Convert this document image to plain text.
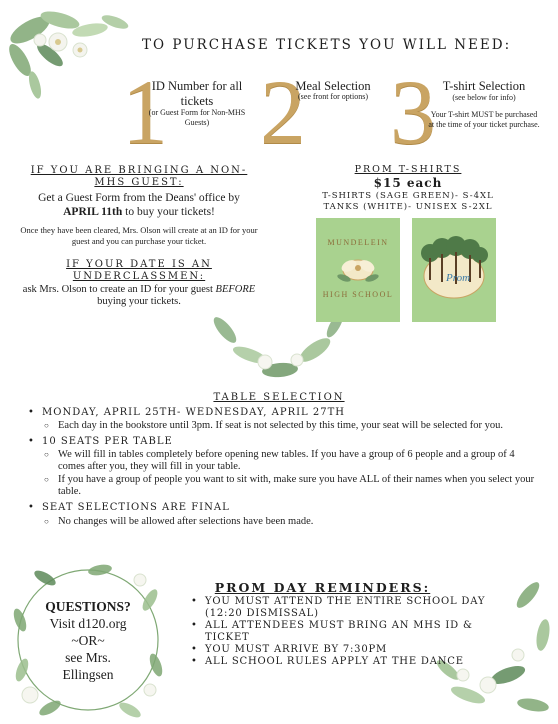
TO PURCHASE TICKETS YOU WILL NEED:
1
ID Number for all tickets
(or Guest Form for Non-MHS Guests) 2
Meal Selection
(see front for options) 3 T-shirt Selection
(see below for info)
Your T-shirt MUST be purchased at the time of your ticket purchase.
IF YOU ARE BRINGING A NON-MHS GUEST:
Get a Guest Form from the Deans' office by
APRIL 11th to buy your tickets!
Once they have been cleared, Mrs. Olson will create at an ID for your guest and you can purchase your ticket.
IF YOUR DATE IS AN UNDERCLASSMEN:
ask Mrs. Olson to create an ID for your guest BEFORE buying your tickets.
PROM T-SHIRTS
$15 each
T-SHIRTS (SAGE GREEN)- S-4XL
TANKS (WHITE)- UNISEX S-2XL
MUNDELEIN
HIGH SCHOOL
Prom
TABLE SELECTION
• MONDAY, APRIL 25TH- WEDNESDAY, APRIL 27TH
○ Each day in the bookstore until 3pm. If seat is not selected by this time, your seat will be selected for you.
• 10 SEATS PER TABLE
○ We will fill in tables completely before opening new tables. If you have a group of 6 people and a group of 4 comes after you, they will fill in your table.
○ If you have a group of people you want to sit with, make sure you have ALL of their names when you select your table.
• SEAT SELECTIONS ARE FINAL
○ No changes will be allowed after selections have been made.
QUESTIONS?
Visit d120.org
~OR~
see Mrs.
Ellingsen
PROM DAY REMINDERS:
• YOU MUST ATTEND THE ENTIRE SCHOOL DAY (12:20 DISMISSAL)
• ALL ATTENDEES MUST BRING AN MHS ID & TICKET
• YOU MUST ARRIVE BY 7:30PM
• ALL SCHOOL RULES APPLY AT THE DANCE
